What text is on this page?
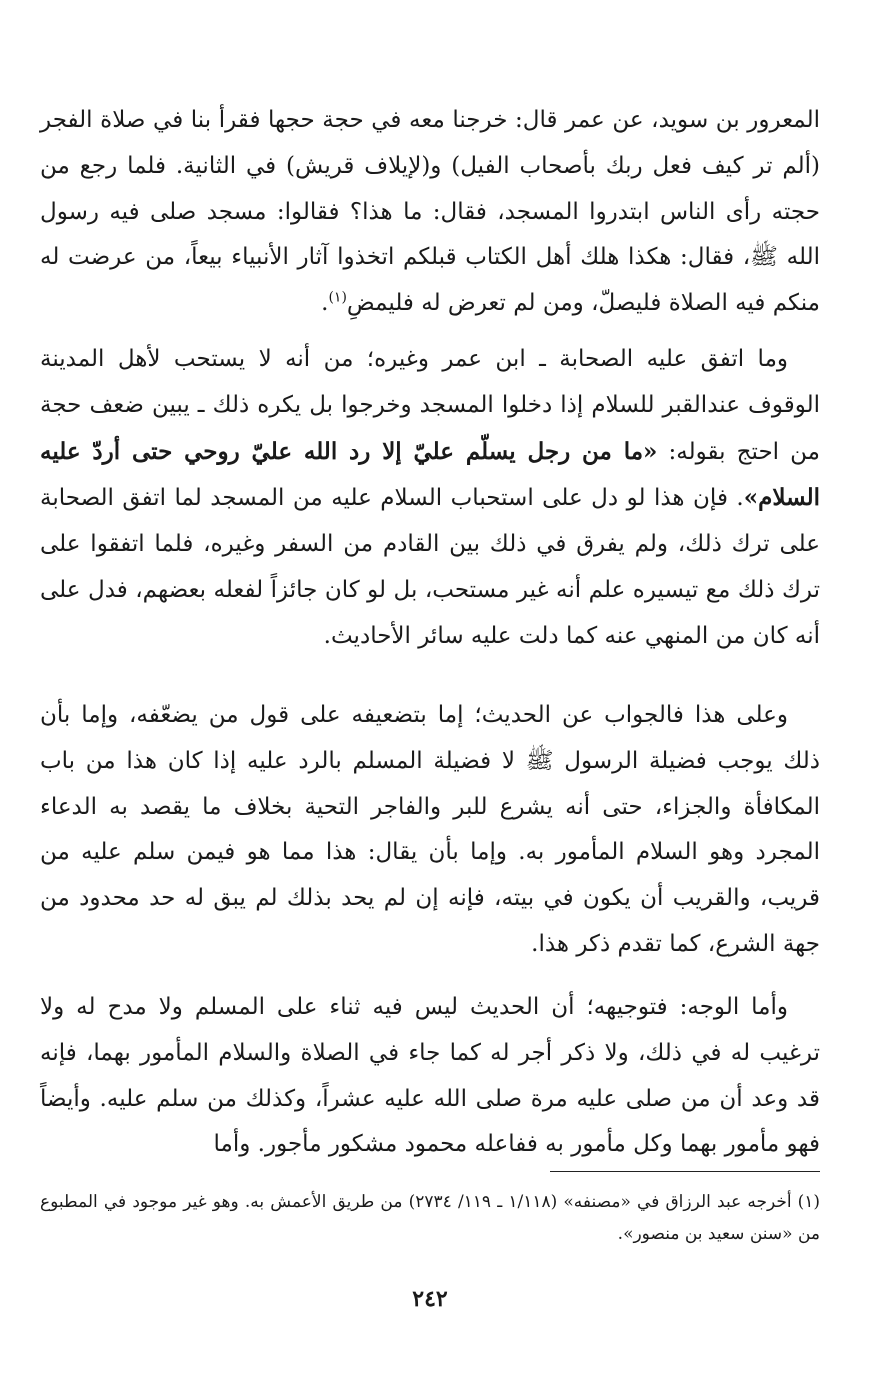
المعرور بن سويد، عن عمر قال: خرجنا معه في حجة حجها فقرأ بنا في صلاة الفجر (ألم تر كيف فعل ربك بأصحاب الفيل) و(لإيلاف قريش) في الثانية. فلما رجع من حجته رأى الناس ابتدروا المسجد، فقال: ما هذا؟ فقالوا: مسجد صلى فيه رسول الله ﷺ، فقال: هكذا هلك أهل الكتاب قبلكم اتخذوا آثار الأنبياء بيعاً، من عرضت له منكم فيه الصلاة فليصلّ، ومن لم تعرض له فليمضِ$^{(١)}$.

وما اتفق عليه الصحابة ـ ابن عمر وغيره؛ من أنه لا يستحب لأهل المدينة الوقوف عندالقبر للسلام إذا دخلوا المسجد وخرجوا بل يكره ذلك ـ يبين ضعف حجة من احتج بقوله: «ما من رجل يسلّم عليّ إلا رد الله عليّ روحي حتى أردّ عليه السلام». فإن هذا لو دل على استحباب السلام عليه من المسجد لما اتفق الصحابة على ترك ذلك، ولم يفرق في ذلك بين القادم من السفر وغيره، فلما اتفقوا على ترك ذلك مع تيسيره علم أنه غير مستحب، بل لو كان جائزاً لفعله بعضهم، فدل على أنه كان من المنهي عنه كما دلت عليه سائر الأحاديث.

وعلى هذا فالجواب عن الحديث؛ إما بتضعيفه على قول من يضعّفه، وإما بأن ذلك يوجب فضيلة الرسول ﷺ لا فضيلة المسلم بالرد عليه إذا كان هذا من باب المكافأة والجزاء، حتى أنه يشرع للبر والفاجر التحية بخلاف ما يقصد به الدعاء المجرد وهو السلام المأمور به. وإما بأن يقال: هذا مما هو فيمن سلم عليه من قريب، والقريب أن يكون في بيته، فإنه إن لم يحد بذلك لم يبق له حد محدود من جهة الشرع، كما تقدم ذكر هذا.

وأما الوجه: فتوجيهه؛ أن الحديث ليس فيه ثناء على المسلم ولا مدح له ولا ترغيب له في ذلك، ولا ذكر أجر له كما جاء في الصلاة والسلام المأمور بهما، فإنه قد وعد أن من صلى عليه مرة صلى الله عليه عشراً، وكذلك من سلم عليه. وأيضاً فهو مأمور بهما وكل مأمور به ففاعله محمود مشكور مأجور. وأما

(١)أخرجه عبد الرزاق في «مصنفه» (١/١١٨ ـ ١١٩/ ٢٧٣٤) من طريق الأعمش به. وهو غير موجود في المطبوع من «سنن سعيد بن منصور».

٢٤٢
